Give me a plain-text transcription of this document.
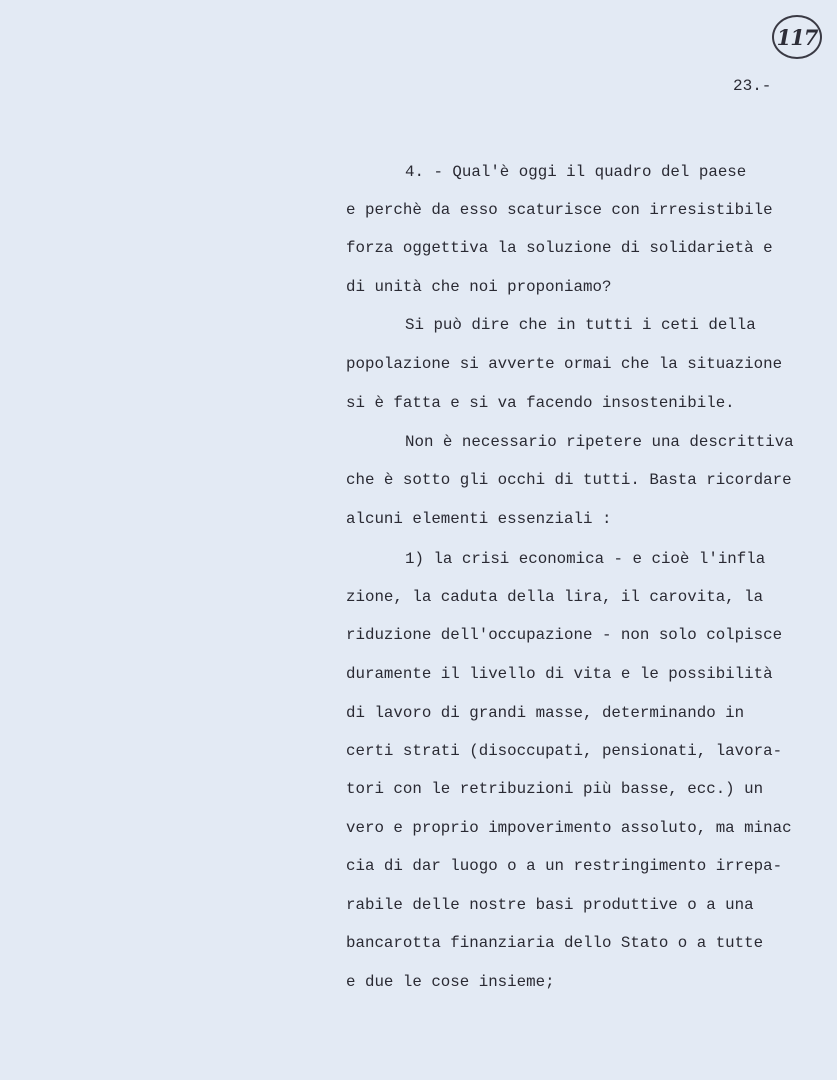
117
23.-
4. - Qual'è oggi il quadro del paese
e perchè da esso scaturisce con irresistibile
forza oggettiva la soluzione di solidarietà e
di unità che noi proponiamo?
Si può dire che in tutti i ceti della
popolazione si avverte ormai che la situazione
si è fatta e si va facendo insostenibile.
Non è necessario ripetere una descrittiva
che è sotto gli occhi di tutti. Basta ricordare
alcuni elementi essenziali :
1) la crisi economica - e cioè l'inflа
zione, la caduta della lira, il carovita, la
riduzione dell'occupazione - non solo colpisce
duramente il livello di vita e le possibilità
di lavoro di grandi masse, determinando in
certi strati (disoccupati, pensionati, lavora-
tori con le retribuzioni più basse, ecc.) un
vero e proprio impoverimento assoluto, ma minac
cia di dar luogo o a un restringimento irrepa-
rabile delle nostre basi produttive o a una
bancarotta finanziaria dello Stato o a tutte
e due le cose insieme;
